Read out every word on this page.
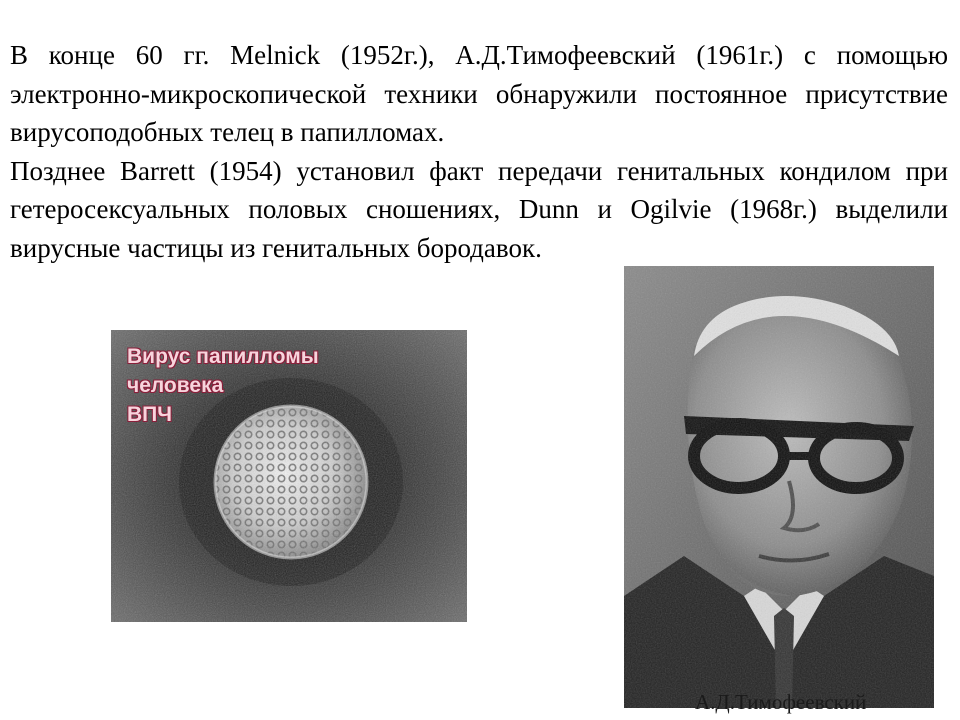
В конце 60 гг. Melnick (1952г.), А.Д.Тимофеевский (1961г.) с помощью электронно-микроскопической техники обнаружили постоянное присутствие вирусоподобных телец в папилломах.

Позднее Barrett (1954) установил факт передачи генитальных кондилом при гетеросексуальных половых сношениях, Dunn и Ogilvie (1968г.) выделили вирусные частицы из генитальных бородавок.

Вирус папилломы
человека
ВПЧ
А.Д.Тимофеевский
